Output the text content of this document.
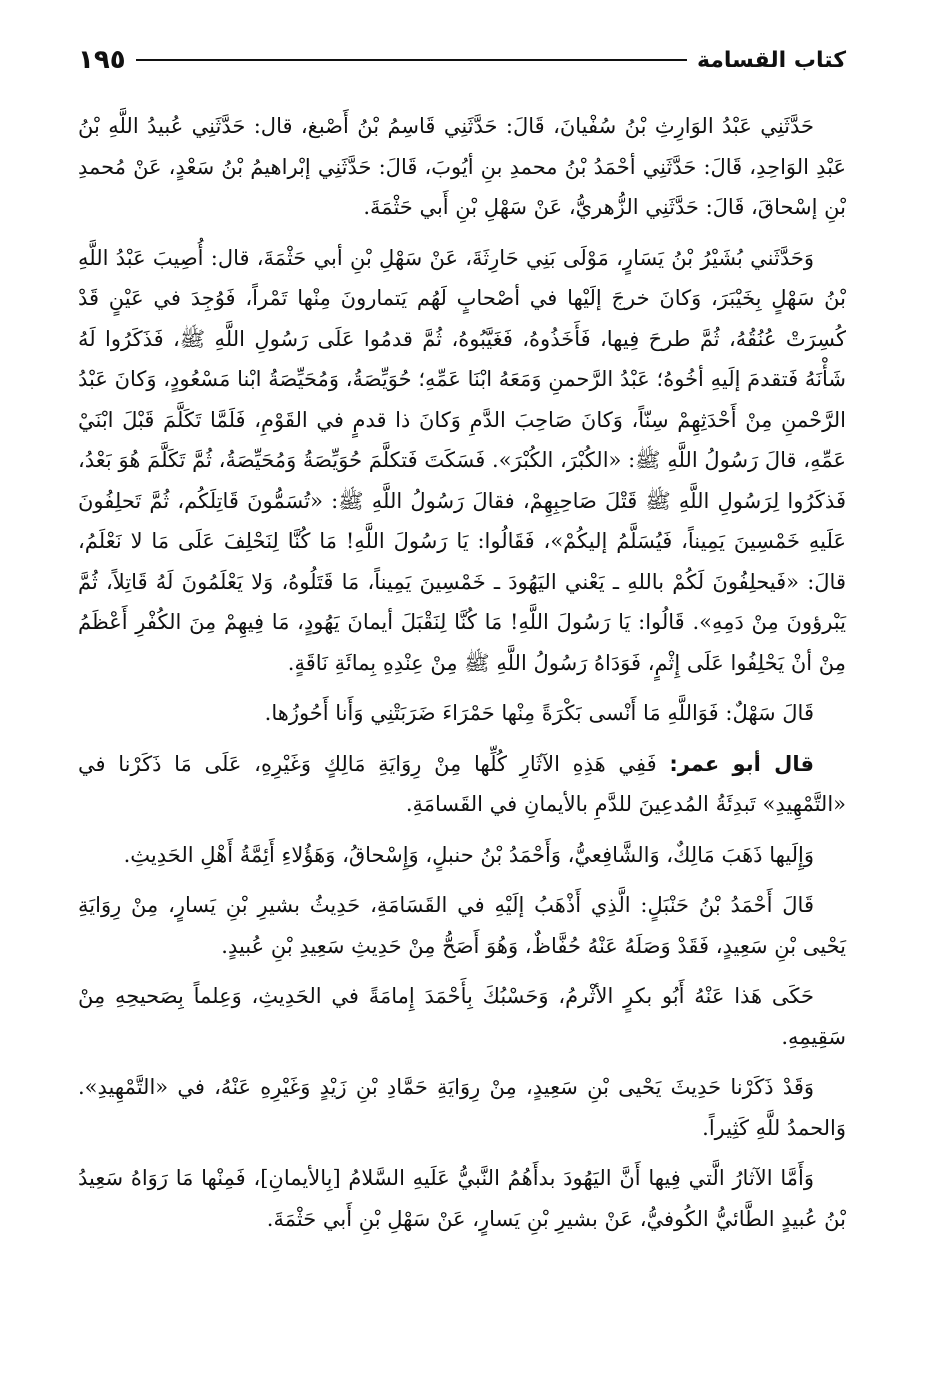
كتاب القسامة
١٩٥

حَدَّثَنِي عَبْدُ الوَارِثِ بْنُ سُفْيانَ، قَالَ: حَدَّثَنِي قَاسِمُ بْنُ أَصْبغ، قال: حَدَّثَنِي عُبيدُ اللَّهِ بْنُ عَبْدِ الوَاحِدِ، قَالَ: حَدَّثَنِي أحْمَدُ بْنُ محمدِ بنِ أيُوبَ، قَالَ: حَدَّثَنِي إبْراهيمُ بْنُ سَعْدٍ، عَنْ مُحمدِ بْنِ إسْحاقَ، قَالَ: حَدَّثَنِي الزُّهريُّ، عَنْ سَهْلِ بْنِ أَبي حَثْمَةَ.

وَحَدَّثَني بُشَيْرُ بْنُ يَسَارٍ، مَوْلَى بَنِي حَارِثَةَ، عَنْ سَهْلِ بْنِ أبي حَثْمَةَ، قال: أُصِيبَ عَبْدُ اللَّهِ بْنُ سَهْلٍ بِخَيْبَرَ، وَكانَ خرجَ إلَيْها في أصْحابٍ لَهُم يَتمارونَ مِنْها تَمْراً، فَوُجِدَ في عَيْنٍ قَدْ كُسِرَتْ عُنُقُهُ، ثُمَّ طرحَ فِيها، فَأَخَذُوهُ، فَغَيَّبُوهُ، ثُمَّ قدمُوا عَلَى رَسُولِ اللَّهِ ﷺ، فَذَكَرُوا لَهُ شَأْنَهُ فَتقدمَ إلَيهِ أخُوهُ؛ عَبْدُ الرَّحمنِ وَمَعَهُ ابْنَا عَمِّهِ؛ حُوَيِّصَةُ، وَمُحَيِّصَةُ ابْنا مَسْعُودٍ، وَكانَ عَبْدُ الرَّحْمنِ مِنْ أَحْدَثِهِمْ سِنّاً، وَكانَ صَاحِبَ الدَّمِ وَكانَ ذا قدمٍ في القَوْمِ، فَلَمَّا تَكَلَّمَ قَبْلَ ابْنَيْ عَمِّهِ، قالَ رَسُولُ اللَّهِ ﷺ: «الكُبْرَ، الكُبْرَ». فَسَكَتَ فَتكلَّمَ حُوَيِّصَةُ وَمُحَيِّصَةُ، ثُمَّ تَكَلَّمَ هُوَ بَعْدُ، فَذكَرُوا لِرَسُولِ اللَّهِ ﷺ قَتْلَ صَاحِبِهِمْ، فقالَ رَسُولُ اللَّهِ ﷺ: «تُسَمُّونَ قَاتِلَكُم، ثُمَّ تَحلِفُونَ عَلَيهِ خَمْسِينَ يَمِيناً، فَيُسَلَّمُ إليكُمْ»، فَقَالُوا: يَا رَسُولَ اللَّهِ! مَا كُنَّا لِنَحْلِفَ عَلَى مَا لا نَعْلَمُ، قالَ: «فَيحلِفُونَ لَكُمْ باللهِ ـ يَعْني اليَهُودَ ـ خَمْسِينَ يَمِيناً، مَا قَتَلُوهُ، وَلا يَعْلَمُونَ لَهُ قَاتِلاً، ثُمَّ يَبْرؤونَ مِنْ دَمِهِ». قَالُوا: يَا رَسُولَ اللَّهِ! مَا كُنَّا لِنَقْبَلَ أيمانَ يَهُودٍ، مَا فِيهِمْ مِنَ الكُفْرِ أَعْظَمُ مِنْ أنْ يَحْلِفُوا عَلَى إِثْمٍ، فَوَدَاهُ رَسُولُ اللَّهِ ﷺ مِنْ عِنْدِهِ بِمائَةِ نَاقَةٍ.

قَالَ سَهْلٌ: فَوَاللَّهِ مَا أَنْسى بَكْرَةً مِنْها حَمْرَاءَ ضَرَبَتْنِي وَأَنا أَحُوزُها.

قال أبو عمر: فَفِي هَذِهِ الآثَارِ كُلِّها مِنْ رِوَايَةِ مَالِكٍ وَغَيْرِهِ، عَلَى مَا ذَكَرْنا في «التَّمْهِيدِ» تَبدِئَةُ المُدعِينَ للدَّمِ بالأيمانِ في القَسامَةِ.

وَإِلَيها ذَهَبَ مَالِكٌ، وَالشَّافِعيُّ، وَأَحْمَدُ بْنُ حنبلٍ، وَإِسْحاقُ، وَهَؤُلاءِ أَئِمَّةُ أَهْلِ الحَدِيثِ.

قَالَ أَحْمَدُ بْنُ حَنْبَلٍ: الَّذِي أَذْهَبُ إلَيْهِ في القَسَامَةِ، حَدِيثُ بشيرِ بْنِ يَسارٍ، مِنْ رِوَايَةِ يَحْيى بْنِ سَعِيدٍ، فَقَدْ وَصَلَهُ عَنْهُ حُفَّاظٌ، وَهُوَ أَصَحُّ مِنْ حَدِيثِ سَعِيدِ بْنِ عُبيدٍ.

حَكَى هَذا عَنْهُ أَبُو بكرٍ الأثْرمُ، وَحَسْبُكَ بِأَحْمَدَ إِمامَةً في الحَدِيثِ، وَعِلماً بِصَحيحِهِ مِنْ سَقِيمِهِ.

وَقَدْ ذَكَرْنا حَدِيثَ يَحْيى بْنِ سَعِيدٍ، مِنْ رِوَايَةِ حَمَّادِ بْنِ زَيْدٍ وَغَيْرِهِ عَنْهُ، في «التَّمْهِيدِ». وَالحمدُ للَّهِ كَثِيراً.

وَأَمَّا الآثارُ الَّتي فِيها أَنَّ اليَهُودَ بدأَهُمُ النَّبيُّ عَلَيهِ السَّلامُ [بِالأيمانِ]، فَمِنْها مَا رَوَاهُ سَعِيدُ بْنُ عُبيدٍ الطَّائيُّ الكُوفيُّ، عَنْ بشيرِ بْنِ يَسارٍ، عَنْ سَهْلِ بْنِ أَبي حَثْمَةَ.
